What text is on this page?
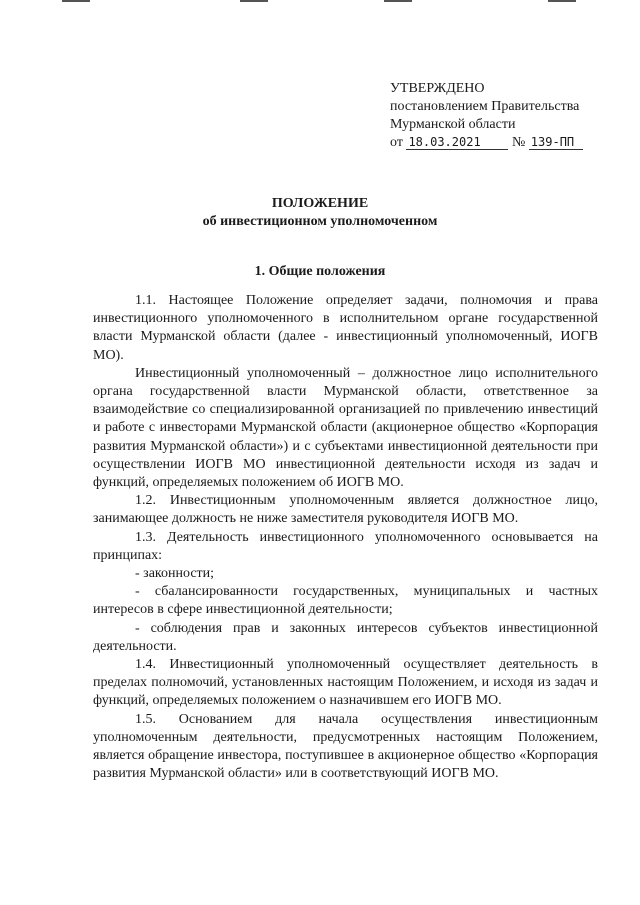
УТВЕРЖДЕНО
постановлением Правительства
Мурманской области
от 18.03.2021 № 139-ПП
ПОЛОЖЕНИЕ
об инвестиционном уполномоченном
1. Общие положения

1.1. Настоящее Положение определяет задачи, полномочия и права инвестиционного уполномоченного в исполнительном органе государственной власти Мурманской области (далее - инвестиционный уполномоченный, ИОГВ МО).

Инвестиционный уполномоченный – должностное лицо исполнительного органа государственной власти Мурманской области, ответственное за взаимодействие со специализированной организацией по привлечению инвестиций и работе с инвесторами Мурманской области (акционерное общество «Корпорация развития Мурманской области») и с субъектами инвестиционной деятельности при осуществлении ИОГВ МО инвестиционной деятельности исходя из задач и функций, определяемых положением об ИОГВ МО.

1.2. Инвестиционным уполномоченным является должностное лицо, занимающее должность не ниже заместителя руководителя ИОГВ МО.

1.3. Деятельность инвестиционного уполномоченного основывается на принципах:

- законности;

- сбалансированности государственных, муниципальных и частных интересов в сфере инвестиционной деятельности;

- соблюдения прав и законных интересов субъектов инвестиционной деятельности.

1.4. Инвестиционный уполномоченный осуществляет деятельность в пределах полномочий, установленных настоящим Положением, и исходя из задач и функций, определяемых положением о назначившем его ИОГВ МО.

1.5. Основанием для начала осуществления инвестиционным уполномоченным деятельности, предусмотренных настоящим Положением, является обращение инвестора, поступившее в акционерное общество «Корпорация развития Мурманской области» или в соответствующий ИОГВ МО.
